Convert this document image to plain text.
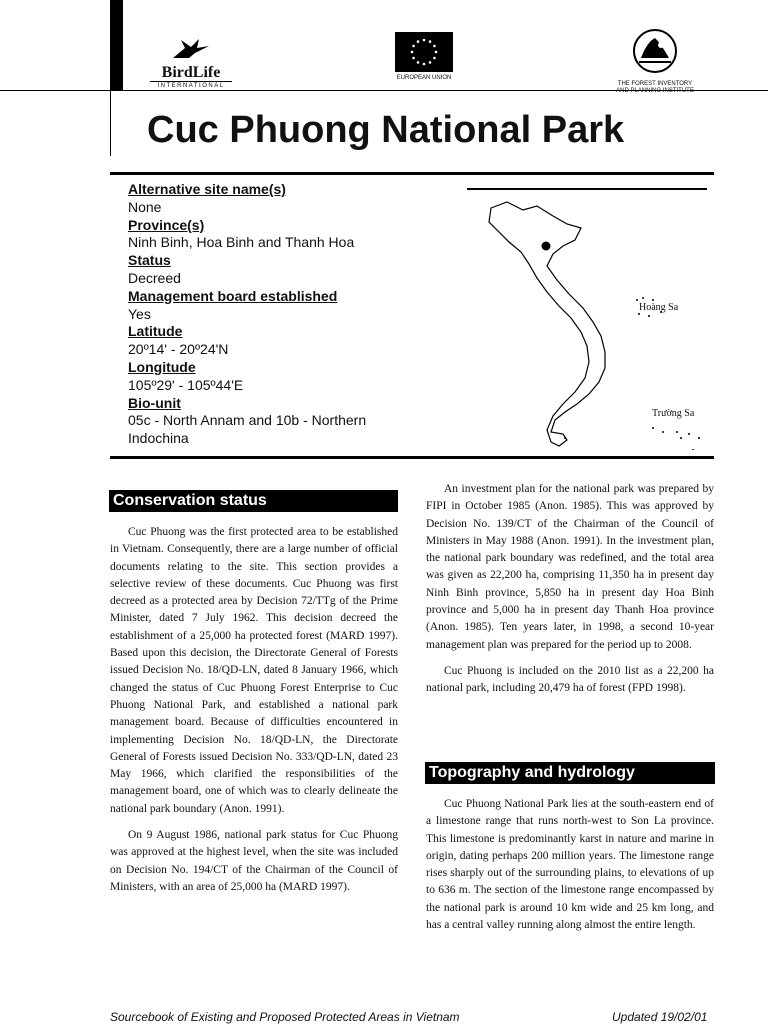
BirdLife
INTERNATIONAL
EUROPEAN UNION
THE FOREST INVENTORY
AND PLANNING INSTITUTE
Cuc Phuong National Park
Alternative site name(s)
None
Province(s)
Ninh Binh, Hoa Binh and Thanh Hoa
Status
Decreed
Management board established
Yes
Latitude
20º14' - 20º24'N
Longitude
105º29' - 105º44'E
Bio-unit
05c - North Annam and 10b - Northern Indochina
Hoàng Sa
Trường Sa
Conservation status

Cuc Phuong was the first protected area to be established in Vietnam. Consequently, there are a large number of official documents relating to the site. This section provides a selective review of these documents. Cuc Phuong was first decreed as a protected area by Decision 72/TTg of the Prime Minister, dated 7 July 1962. This decision decreed the establishment of a 25,000 ha protected forest (MARD 1997). Based upon this decision, the Directorate General of Forests issued Decision No. 18/QD-LN, dated 8 January 1966, which changed the status of Cuc Phuong Forest Enterprise to Cuc Phuong National Park, and established a national park management board. Because of difficulties encountered in implementing Decision No. 18/QD-LN, the Directorate General of Forests issued Decision No. 333/QD-LN, dated 23 May 1966, which clarified the responsibilities of the management board, one of which was to clearly delineate the national park boundary (Anon. 1991).

On 9 August 1986, national park status for Cuc Phuong was approved at the highest level, when the site was included on Decision No. 194/CT of the Chairman of the Council of Ministers, with an area of 25,000 ha (MARD 1997).

An investment plan for the national park was prepared by FIPI in October 1985 (Anon. 1985). This was approved by Decision No. 139/CT of the Chairman of the Council of Ministers in May 1988 (Anon. 1991). In the investment plan, the national park boundary was redefined, and the total area was given as 22,200 ha, comprising 11,350 ha in present day Ninh Binh province, 5,850 ha in present day Hoa Binh province and 5,000 ha in present day Thanh Hoa province (Anon. 1985). Ten years later, in 1998, a second 10-year management plan was prepared for the period up to 2008.

Cuc Phuong is included on the 2010 list as a 22,200 ha national park, including 20,479 ha of forest (FPD 1998).

Topography and hydrology

Cuc Phuong National Park lies at the south-eastern end of a limestone range that runs north-west to Son La province. This limestone is predominantly karst in nature and marine in origin, dating perhaps 200 million years. The limestone range rises sharply out of the surrounding plains, to elevations of up to 636 m. The section of the limestone range encompassed by the national park is around 10 km wide and 25 km long, and has a central valley running along almost the entire length.

Sourcebook of Existing and Proposed Protected Areas in Vietnam	Updated 19/02/01
